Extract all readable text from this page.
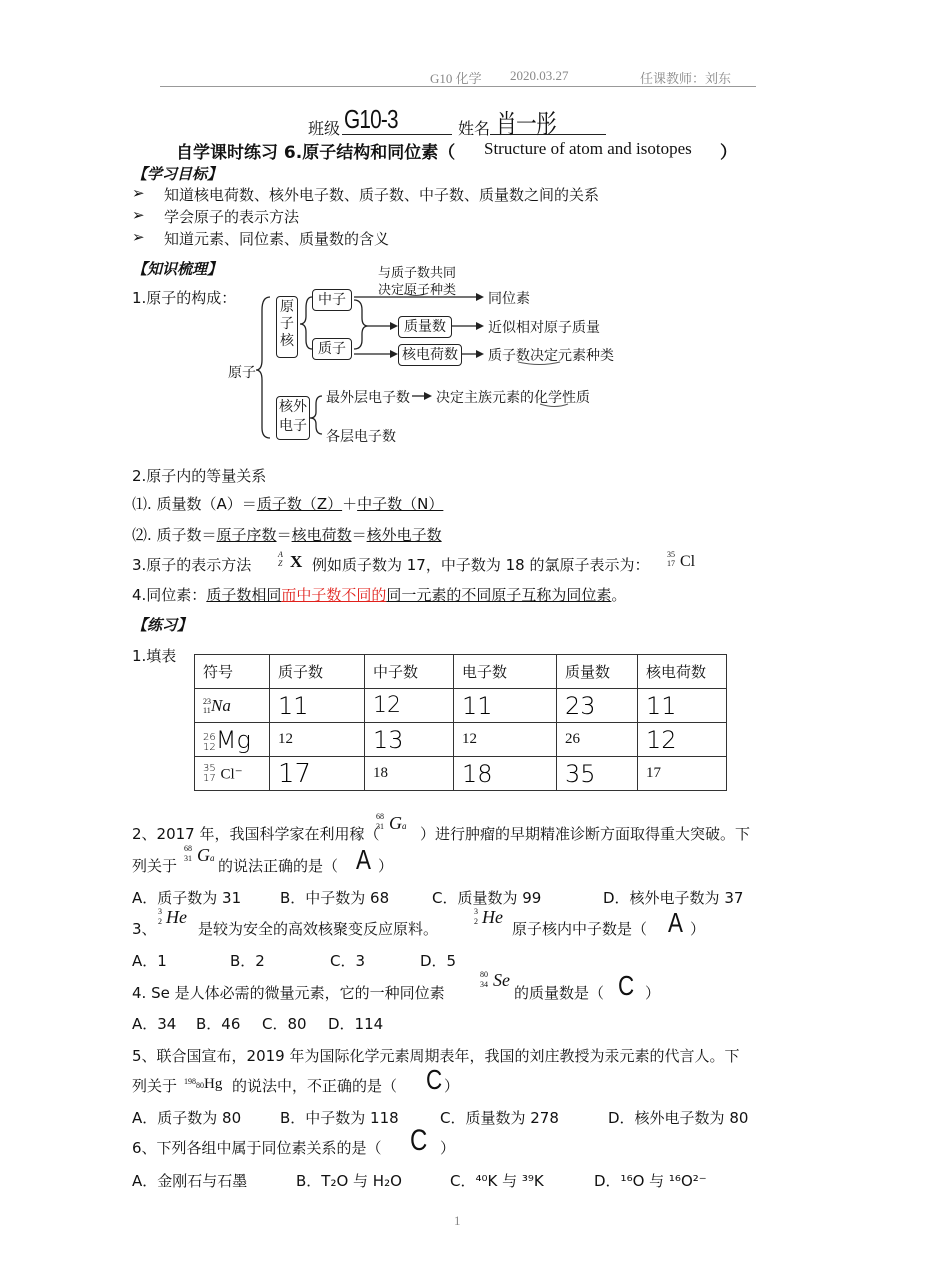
G10 化学 2020.03.27	任课教师：刘东
班级 G10-3	姓名 肖一彤
自学课时练习 6.原子结构和同位素（ Structure of atom and isotopes ）
【学习目标】
➢ 知道核电荷数、核外电子数、质子数、中子数、质量数之间的关系
➢ 学会原子的表示方法
➢ 知道元素、同位素、质量数的含义
【知识梳理】
1.原子的构成：
原子
原子核
中子
质子
质量数
核电荷数
核外电子
与质子数共同
决定原子种类
同位素
近似相对原子质量
质子数决定元素种类
最外层电子数 决定主族元素的化学性质
各层电子数
2.原子内的等量关系
⑴. 质量数（A）＝质子数（Z）＋中子数（N）
⑵. 质子数＝原子序数＝核电荷数＝核外电子数
3.原子的表示方法
A
Z X 例如质子数为 17，中子数为 18 的氯原子表示为：
35
17 Cl
4.同位素：质子数相同而中子数不同的同一元素的不同原子互称为同位素。
【练习】
1.填表
符号	质子数	中子数	电子数	质量数	核电荷数
23
11Na	11	12	11	23	11
26
12Mg	12	13	12	26	12
35
17 Cl⁻	17	18	18	35	17
2、2017 年，我国科学家在利用稼（
68
31 Ga ）进行肿瘤的早期精准诊断方面取得重大突破。下
列关于
68
31 Ga 的说法正确的是（ A ）
A．质子数为 31	B．中子数为 68	C．质量数为 99	D．核外电子数为 37
3、
3
2 He
是较为安全的高效核聚变反应原料。
3
2 He
原子核内中子数是（ A ）
A．1	B．2	C．3	D．5
4. Se 是人体必需的微量元素，它的一种同位素
80
34 Se
的质量数是（ C ）
A．34 B．46 C．80 D．114
5、联合国宣布，2019 年为国际化学元素周期表年，我国的刘庄教授为汞元素的代言人。下
列关于 $^{198}$80Hg 的说法中，不正确的是（ C ）
A．质子数为 80	B．中子数为 118	C．质量数为 278	D．核外电子数为 80
6、下列各组中属于同位素关系的是（ C ）
A．金刚石与石墨	B．T₂O 与 H₂O	C．⁴⁰K 与 ³⁹K	D．¹⁶O 与 ¹⁶O²⁻
1
